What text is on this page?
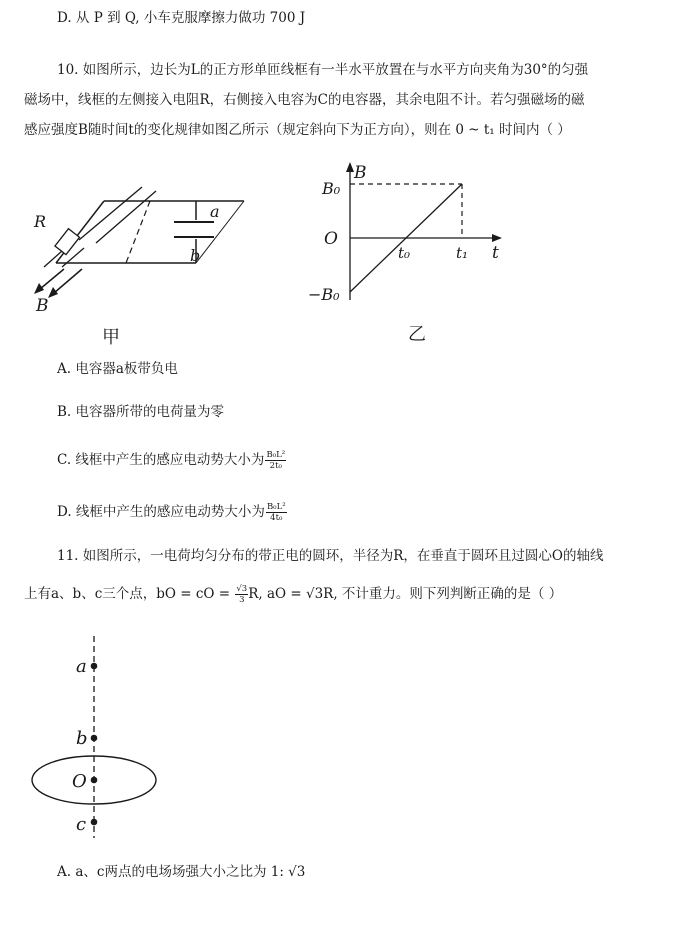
D. 从 P 到 Q, 小车克服摩擦力做功 700 J
10. 如图所示，边长为L的正方形单匝线框有一半水平放置在与水平方向夹角为30°的匀强
磁场中，线框的左侧接入电阻R，右侧接入电容为C的电容器，其余电阻不计。若匀强磁场的磁
感应强度B随时间t的变化规律如图乙所示（规定斜向下为正方向），则在 0 ~ t₁ 时间内（ ）
R
a
b
B
甲
B
B₀
O
t₀	t₁ t
−B₀
乙
A. 电容器a板带负电
B. 电容器所带的电荷量为零
C. 线框中产生的感应电动势大小为 $\frac{\text{B₀L²}}{\text{2t₀}}$
D. 线框中产生的感应电动势大小为 $\frac{\text{B₀L²}}{\text{4t₀}}$
11. 如图所示，一电荷均匀分布的带正电的圆环，半径为R，在垂直于圆环且过圆心O的轴线
上有a、b、c三个点，bO = cO = $\frac{√3}{3} R$, aO = √3R, 不计重力。则下列判断正确的是（ ）
a
b
O
c
A. a、c两点的电场场强大小之比为 1: √3
